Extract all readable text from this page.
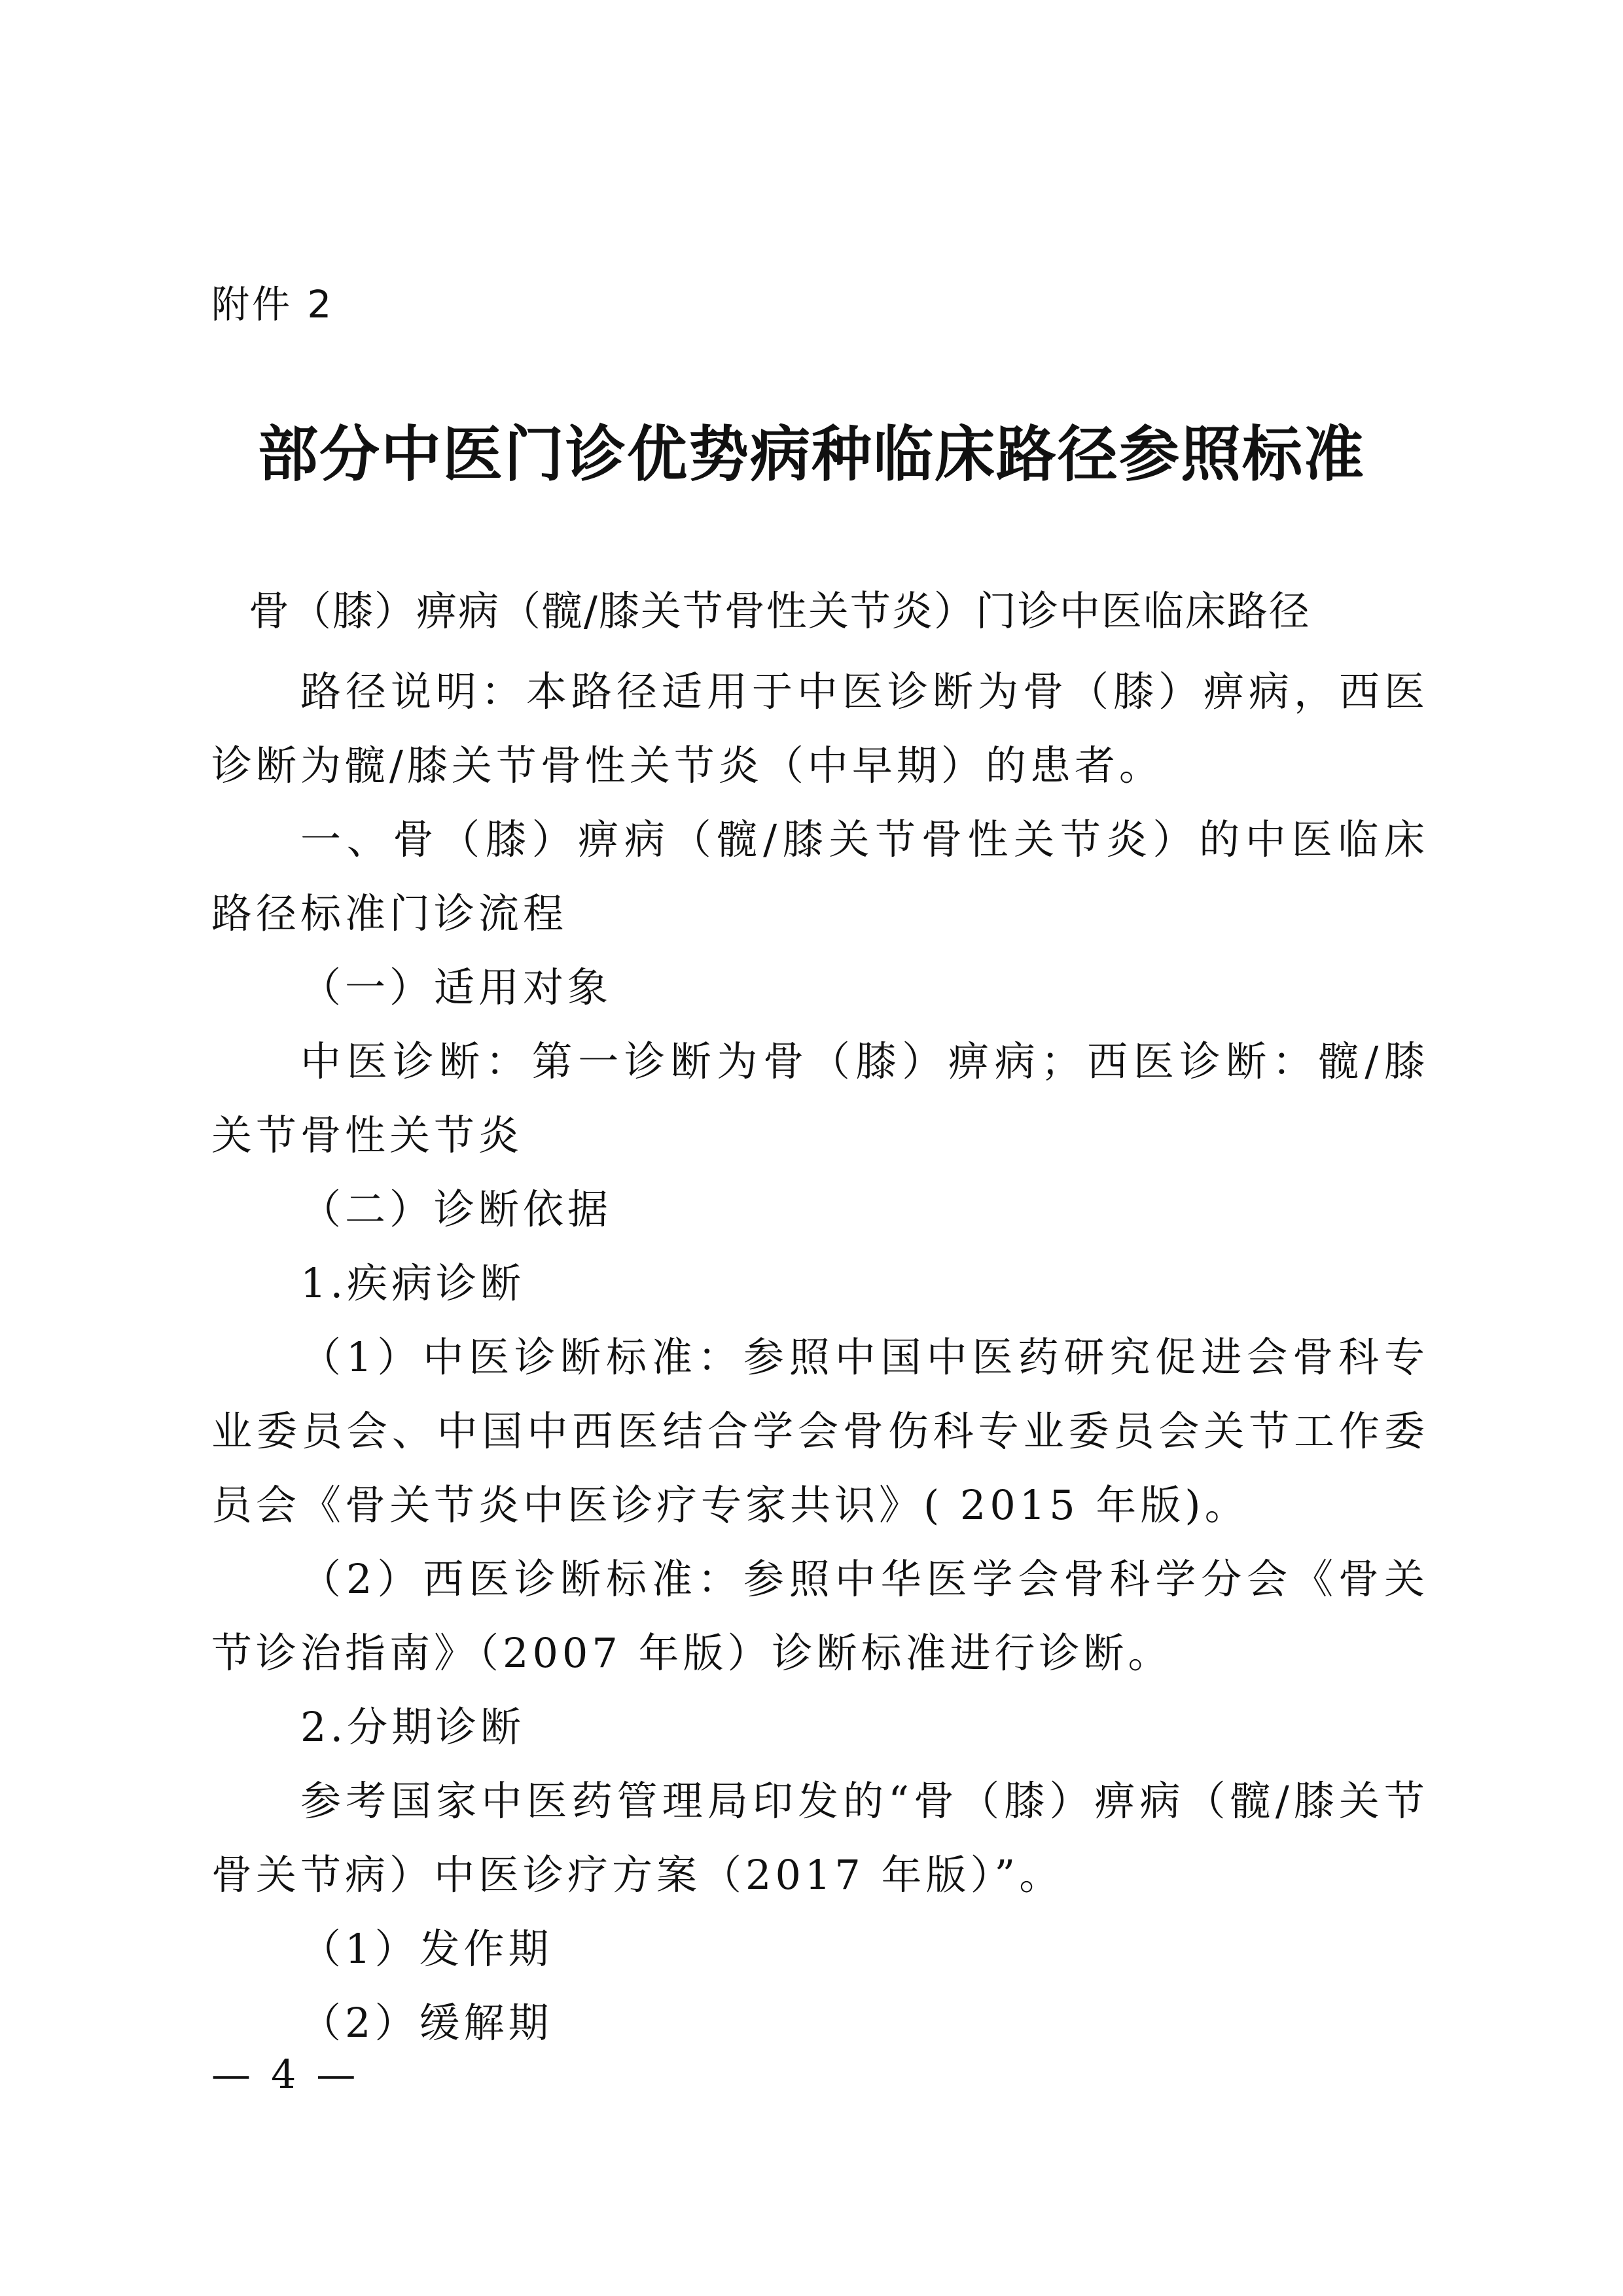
附件 2
部分中医门诊优势病种临床路径参照标准
骨（膝）痹病（髋/膝关节骨性关节炎）门诊中医临床路径

路径说明：本路径适用于中医诊断为骨（膝）痹病，西医诊断为髋/膝关节骨性关节炎（中早期）的患者。

一、骨（膝）痹病（髋/膝关节骨性关节炎）的中医临床路径标准门诊流程

（一）适用对象

中医诊断：第一诊断为骨（膝）痹病；西医诊断：髋/膝关节骨性关节炎

（二）诊断依据

1.疾病诊断

（1）中医诊断标准：参照中国中医药研究促进会骨科专业委员会、中国中西医结合学会骨伤科专业委员会关节工作委员会《骨关节炎中医诊疗专家共识》( 2015 年版)。

（2）西医诊断标准：参照中华医学会骨科学分会《骨关节诊治指南》（2007 年版）诊断标准进行诊断。

2.分期诊断

参考国家中医药管理局印发的“骨（膝）痹病（髋/膝关节骨关节病）中医诊疗方案（2017 年版）”。

（1）发作期

（2）缓解期

— 4 —
